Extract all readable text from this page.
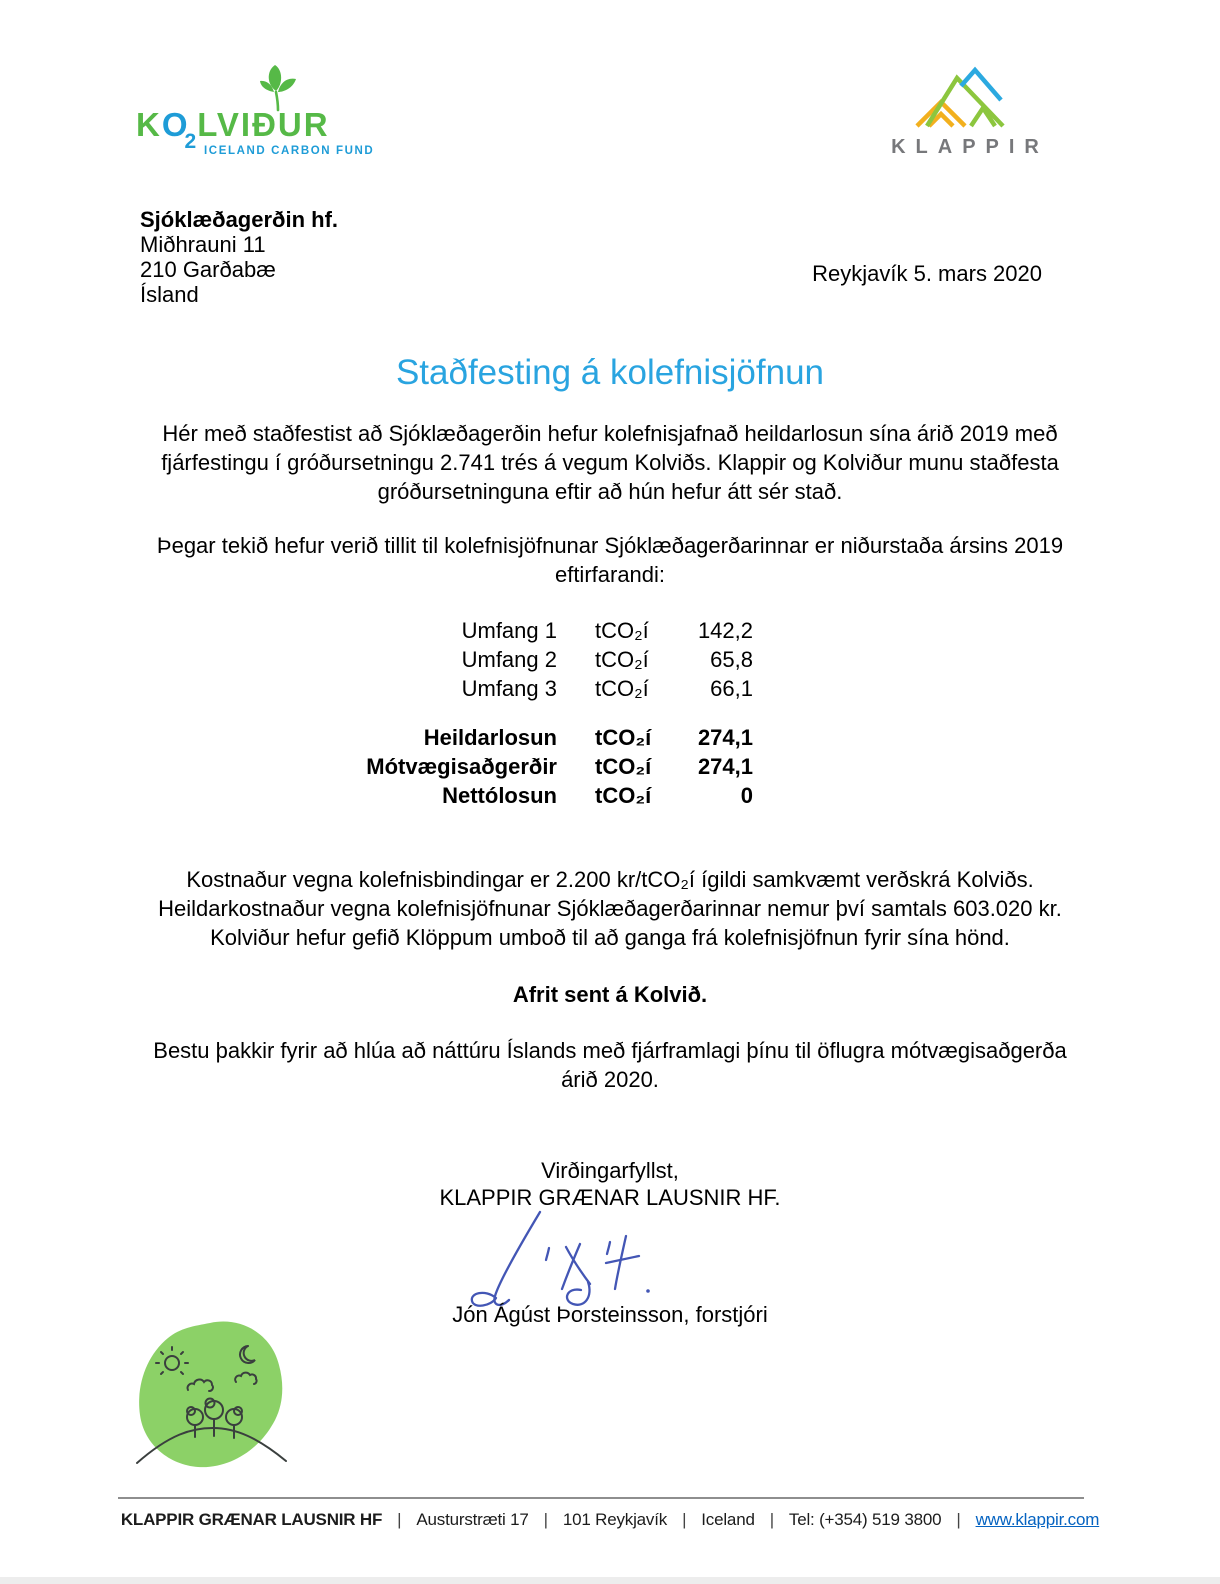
$KO_2LVIÐUR$
ICELAND CARBON FUND	KLAPPIR
Sjóklæðagerðin hf.
Miðhrauni 11
210 Garðabæ
Ísland
Reykjavík 5. mars 2020
Staðfesting á kolefnisjöfnun

Hér með staðfestist að Sjóklæðagerðin hefur kolefnisjafnað heildarlosun sína árið 2019 með fjárfestingu í gróðursetningu 2.741 trés á vegum Kolviðs. Klappir og Kolviður munu staðfesta gróðursetninguna eftir að hún hefur átt sér stað.

Þegar tekið hefur verið tillit til kolefnisjöfnunar Sjóklæðagerðarinnar er niðurstaða ársins 2019 eftirfarandi:

Umfang 1 tCO₂í	142,2
Umfang 2 tCO₂í	65,8
Umfang 3 tCO₂í	66,1
Heildarlosun tCO₂í	274,1
Mótvægisaðgerðir tCO₂í	274,1
Nettólosun tCO₂í	0

Kostnaður vegna kolefnisbindingar er 2.200 kr/tCO₂í ígildi samkvæmt verðskrá Kolviðs. Heildarkostnaður vegna kolefnisjöfnunar Sjóklæðagerðarinnar nemur því samtals 603.020 kr. Kolviður hefur gefið Klöppum umboð til að ganga frá kolefnisjöfnun fyrir sína hönd.

Afrit sent á Kolvið.

Bestu þakkir fyrir að hlúa að náttúru Íslands með fjárframlagi þínu til öflugra mótvægisaðgerða árið 2020.

Virðingarfyllst,
KLAPPIR GRÆNAR LAUSNIR HF.
Jón Ágúst Þorsteinsson, forstjóri
KLAPPIR GRÆNAR LAUSNIR HF | Austurstræti 17 | 101 Reykjavík | Iceland | Tel: (+354) 519 3800 | www.klappir.com
